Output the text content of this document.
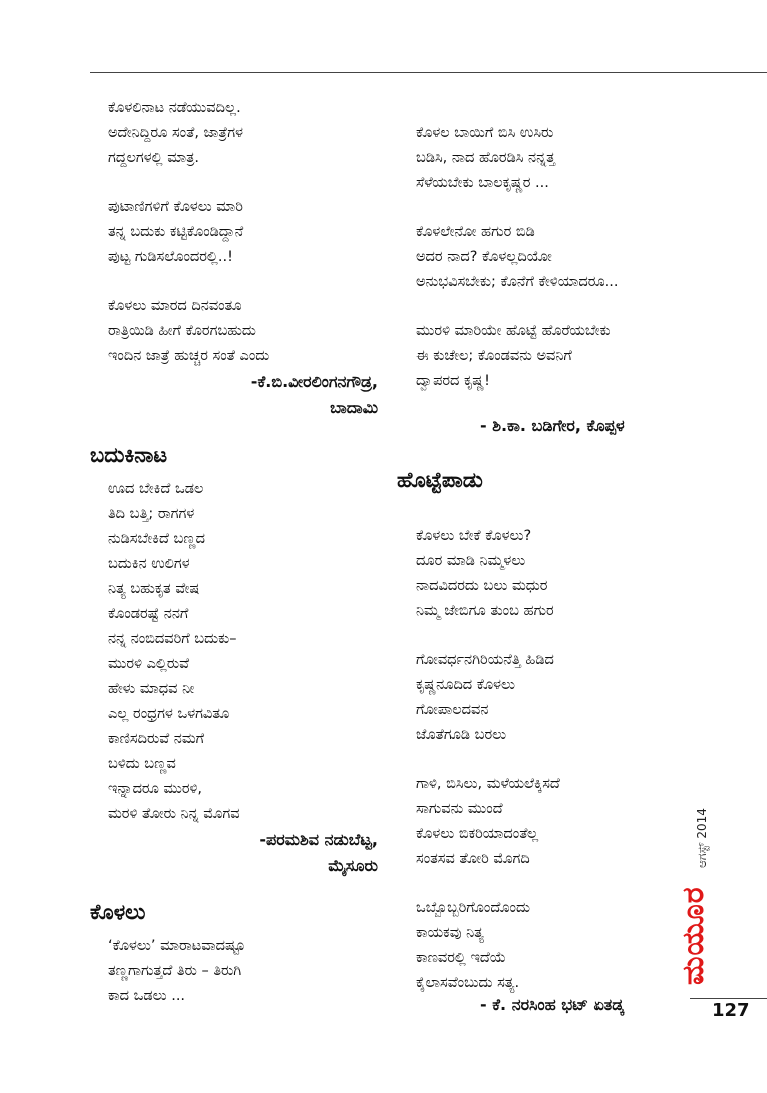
ಕೊಳಲಿನಾಟ ನಡೆಯುವದಿಲ್ಲ.
ಅದೇನಿದ್ದಿರೂ ಸಂತೆ, ಜಾತ್ರೆಗಳ
ಗದ್ದಲಗಳಲ್ಲಿ ಮಾತ್ರ.
ಪುಟಾಣಿಗಳಿಗೆ ಕೊಳಲು ಮಾರಿ
ತನ್ನ ಬದುಕು ಕಟ್ಟಿಕೊಂಡಿದ್ದಾನೆ
ಪುಟ್ಟ ಗುಡಿಸಲೊಂದರಲ್ಲಿ..!
ಕೊಳಲು ಮಾರದ ದಿನವಂತೂ
ರಾತ್ರಿಯಿಡಿ ಹೀಗೆ ಕೊರಗಬಹುದು
ಇಂದಿನ ಜಾತ್ರೆ ಹುಚ್ಚರ ಸಂತೆ ಎಂದು
-ಕೆ.ಬಿ.ವೀರಲಿಂಗನಗೌಡ್ರ,
ಬಾದಾಮಿ
ಬದುಕಿನಾಟ
ಊದ ಬೇಕಿದೆ ಒಡಲ
ತಿದಿ ಬತ್ತಿ; ರಾಗಗಳ
ನುಡಿಸಬೇಕಿದೆ ಬಣ್ಣದ
ಬದುಕಿನ ಉಲಿಗಳ
ನಿತ್ಯ ಬಹುಕೃತ ವೇಷ
ಕೊಂಡರಷ್ಟೆ ನನಗೆ
ನನ್ನ ನಂಬಿದವರಿಗೆ ಬದುಕು–
ಮುರಳಿ ಎಲ್ಲಿರುವೆ
ಹೇಳು ಮಾಧವ ನೀ
ಎಲ್ಲ ರಂಧ್ರಗಳ ಒಳಗವಿತೂ
ಕಾಣಿಸದಿರುವೆ ನಮಗೆ
ಬಳಿದು ಬಣ್ಣವ
ಇನ್ನಾದರೂ ಮುರಳಿ,
ಮರಳಿ ತೋರು ನಿನ್ನ ಮೊಗವ
-ಪರಮಶಿವ ನಡುಬೆಟ್ಟ,
ಮೈಸೂರು
ಕೊಳಲು
‘ಕೊಳಲು’ ಮಾರಾಟವಾದಷ್ಟೂ
ತಣ್ಣಗಾಗುತ್ತದೆ ತಿರು – ತಿರುಗಿ
ಕಾದ ಒಡಲು ...
ಕೊಳಲ ಬಾಯಿಗೆ ಬಿಸಿ ಉಸಿರು
ಬಡಿಸಿ, ನಾದ ಹೊರಡಿಸಿ ನನ್ನತ್ತ
ಸೆಳೆಯಬೇಕು ಬಾಲಕೃಷ್ಣರ ...
ಕೊಳಲೇನೋ ಹಗುರ ಬಿಡಿ
ಅದರ ನಾದ? ಕೊಳಲ್ಲದಿಯೋ
ಅನುಭವಿಸಬೇಕು; ಕೊನೆಗೆ ಕೇಳಿಯಾದರೂ...
ಮುರಳಿ ಮಾರಿಯೇ ಹೊಟ್ಟೆ ಹೊರೆಯಬೇಕು
ಈ ಕುಚೇಲ; ಕೊಂಡವನು ಅವನಿಗೆ
ದ್ವಾಪರದ ಕೃಷ್ಣ!
- ಶಿ.ಕಾ. ಬಡಿಗೇರ, ಕೊಪ್ಪಳ
ಹೊಟ್ಟೆಪಾಡು
ಕೊಳಲು ಬೇಕೆ ಕೊಳಲು?
ದೂರ ಮಾಡಿ ನಿಮ್ಮಳಲು
ನಾದವಿದರದು ಬಲು ಮಧುರ
ನಿಮ್ಮ ಜೇಬಿಗೂ ತುಂಬ ಹಗುರ
ಗೋವರ್ಧನಗಿರಿಯನೆತ್ತಿ ಹಿಡಿದ
ಕೃಷ್ಣನೂದಿದ ಕೊಳಲು
ಗೋಪಾಲದವನ
ಜೊತೆಗೂಡಿ ಬರಲು
ಗಾಳಿ, ಬಿಸಿಲು, ಮಳೆಯಲೆಕ್ಕಿಸದೆ
ಸಾಗುವನು ಮುಂದೆ
ಕೊಳಲು ಬಿಕರಿಯಾದಂತೆಲ್ಲ
ಸಂತಸವ ತೋರಿ ಮೊಗದಿ
ಒಬ್ಬೊಬ್ಬರಿಗೊಂದೊಂದು
ಕಾಯಕವು ನಿತ್ಯ
ಕಾಣವರಲ್ಲಿ ಇದೆಯೆ
ಕೈಲಾಸವೆಂಬುದು ಸತ್ಯ.
- ಕೆ. ನರಸಿಂಹ ಭಟ್ ಏತಡ್ಕ
ಮಯೂರ
ಆಗಸ್ಟ್ 2014
127
